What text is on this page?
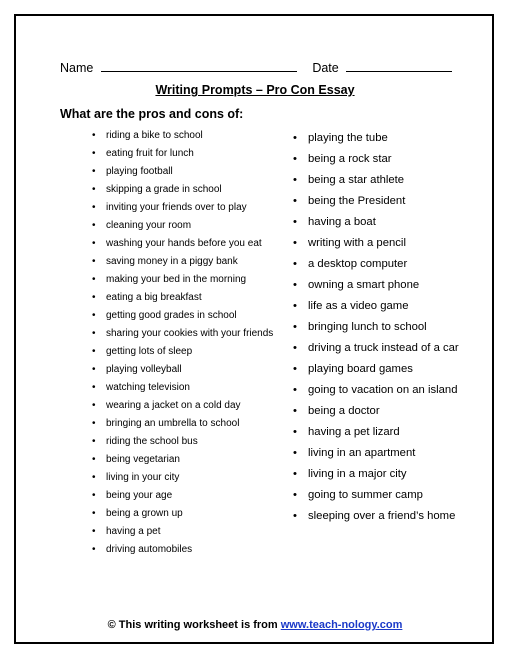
Name	Date
Writing Prompts – Pro Con Essay
What are the pros and cons of:
• riding a bike to school
• eating fruit for lunch
• playing football
• skipping a grade in school
• inviting your friends over to play
• cleaning your room
• washing your hands before you eat
• saving money in a piggy bank
• making your bed in the morning
• eating a big breakfast
• getting good grades in school
• sharing your cookies with your friends
• getting lots of sleep
• playing volleyball
• watching television
• wearing a jacket on a cold day
• bringing an umbrella to school
• riding the school bus
• being vegetarian
• living in your city
• being your age
• being a grown up
• having a pet
• driving automobiles
• playing the tube
• being a rock star
• being a star athlete
• being the President
• having a boat
• writing with a pencil
• a desktop computer
• owning a smart phone
• life as a video game
• bringing lunch to school
• driving a truck instead of a car
• playing board games
• going to vacation on an island
• being a doctor
• having a pet lizard
• living in an apartment
• living in a major city
• going to summer camp
• sleeping over a friend’s home
© This writing worksheet is from www.teach-nology.com
